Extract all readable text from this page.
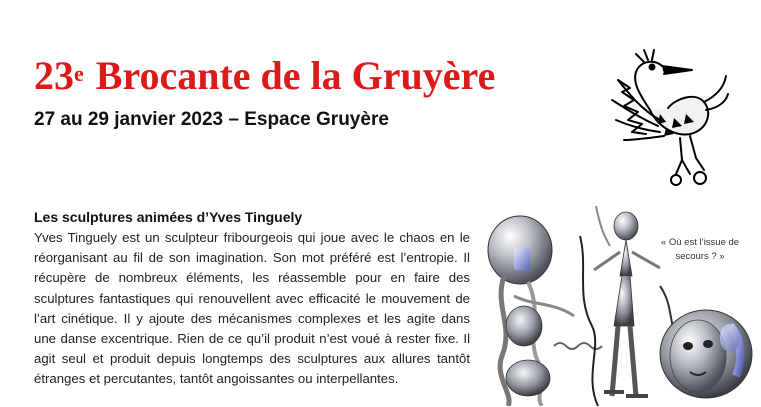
23e Brocante de la Gruyère
27 au 29 janvier 2023 – Espace Gruyère
Les sculptures animées d’Yves Tinguely

Yves Tinguely est un sculpteur fribourgeois qui joue avec le chaos en le réorganisant au fil de son imagination. Son mot préféré est l’entropie. Il récupère de nombreux éléments, les réassemble pour en faire des sculptures fantastiques qui renouvellent avec efficacité le mouvement de l’art cinétique. Il y ajoute des mécanismes complexes et les agite dans une danse excentrique. Rien de ce qu’il produit n’est voué à rester fixe. Il agit seul et produit depuis longtemps des sculptures aux allures tantôt étranges et percutantes, tantôt angoissantes ou interpellantes.

« Où est l’issue de secours ? »
